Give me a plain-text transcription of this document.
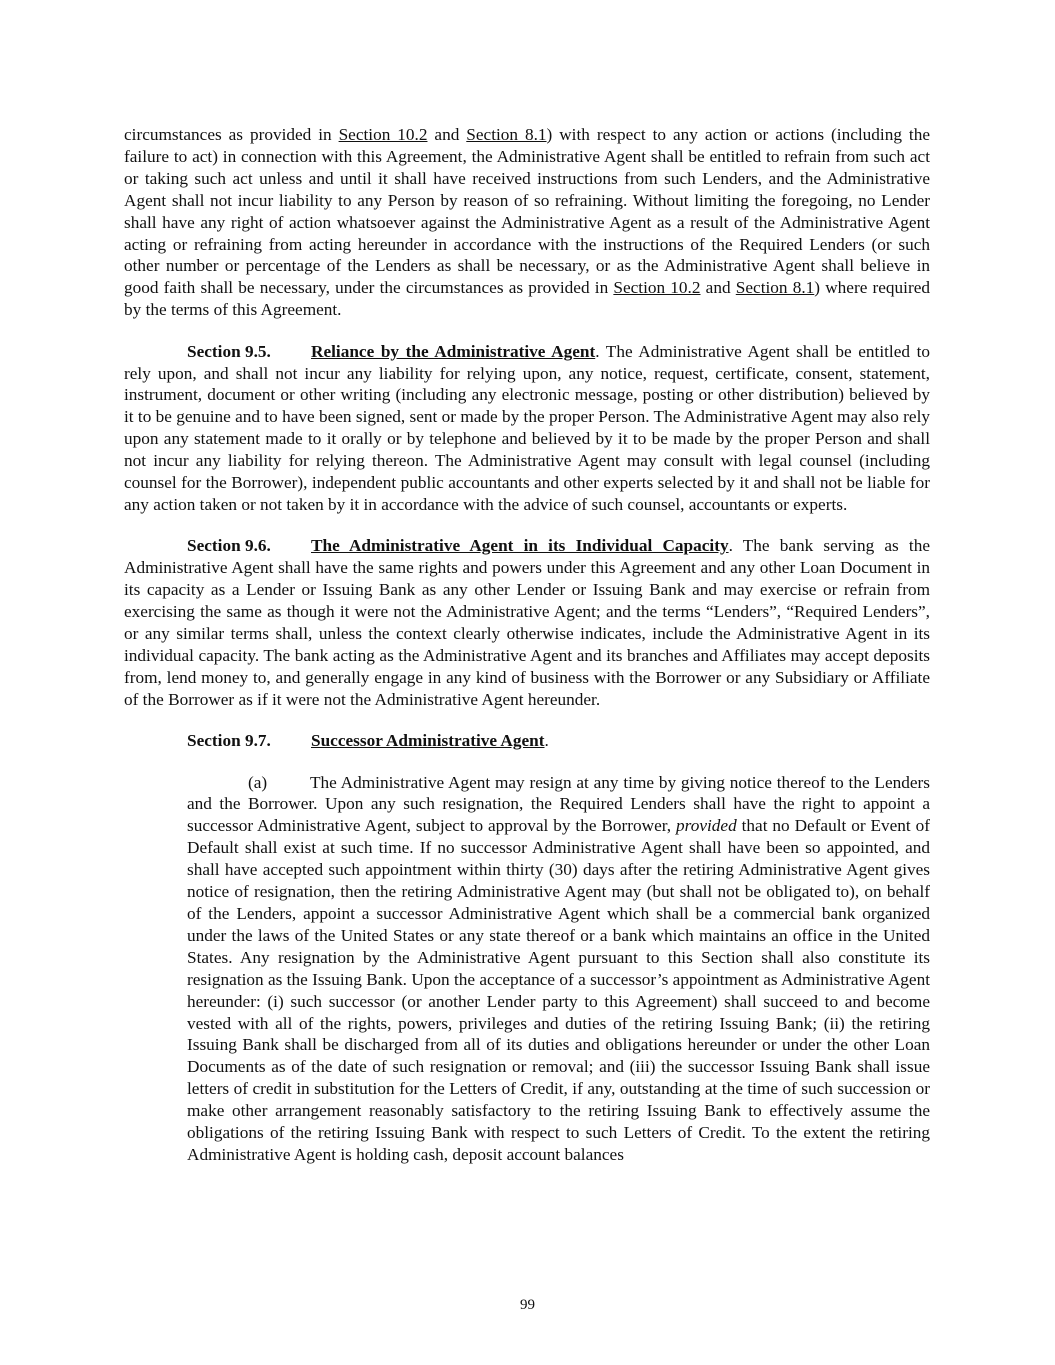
circumstances as provided in Section 10.2 and Section 8.1) with respect to any action or actions (including the failure to act) in connection with this Agreement, the Administrative Agent shall be entitled to refrain from such act or taking such act unless and until it shall have received instructions from such Lenders, and the Administrative Agent shall not incur liability to any Person by reason of so refraining. Without limiting the foregoing, no Lender shall have any right of action whatsoever against the Administrative Agent as a result of the Administrative Agent acting or refraining from acting hereunder in accordance with the instructions of the Required Lenders (or such other number or percentage of the Lenders as shall be necessary, or as the Administrative Agent shall believe in good faith shall be necessary, under the circumstances as provided in Section 10.2 and Section 8.1) where required by the terms of this Agreement.

Section 9.5. Reliance by the Administrative Agent. The Administrative Agent shall be entitled to rely upon, and shall not incur any liability for relying upon, any notice, request, certificate, consent, statement, instrument, document or other writing (including any electronic message, posting or other distribution) believed by it to be genuine and to have been signed, sent or made by the proper Person. The Administrative Agent may also rely upon any statement made to it orally or by telephone and believed by it to be made by the proper Person and shall not incur any liability for relying thereon. The Administrative Agent may consult with legal counsel (including counsel for the Borrower), independent public accountants and other experts selected by it and shall not be liable for any action taken or not taken by it in accordance with the advice of such counsel, accountants or experts.

Section 9.6. The Administrative Agent in its Individual Capacity. The bank serving as the Administrative Agent shall have the same rights and powers under this Agreement and any other Loan Document in its capacity as a Lender or Issuing Bank as any other Lender or Issuing Bank and may exercise or refrain from exercising the same as though it were not the Administrative Agent; and the terms “Lenders”, “Required Lenders”, or any similar terms shall, unless the context clearly otherwise indicates, include the Administrative Agent in its individual capacity. The bank acting as the Administrative Agent and its branches and Affiliates may accept deposits from, lend money to, and generally engage in any kind of business with the Borrower or any Subsidiary or Affiliate of the Borrower as if it were not the Administrative Agent hereunder.

Section 9.7. Successor Administrative Agent.

(a) The Administrative Agent may resign at any time by giving notice thereof to the Lenders and the Borrower. Upon any such resignation, the Required Lenders shall have the right to appoint a successor Administrative Agent, subject to approval by the Borrower, provided that no Default or Event of Default shall exist at such time. If no successor Administrative Agent shall have been so appointed, and shall have accepted such appointment within thirty (30) days after the retiring Administrative Agent gives notice of resignation, then the retiring Administrative Agent may (but shall not be obligated to), on behalf of the Lenders, appoint a successor Administrative Agent which shall be a commercial bank organized under the laws of the United States or any state thereof or a bank which maintains an office in the United States. Any resignation by the Administrative Agent pursuant to this Section shall also constitute its resignation as the Issuing Bank. Upon the acceptance of a successor’s appointment as Administrative Agent hereunder: (i) such successor (or another Lender party to this Agreement) shall succeed to and become vested with all of the rights, powers, privileges and duties of the retiring Issuing Bank; (ii) the retiring Issuing Bank shall be discharged from all of its duties and obligations hereunder or under the other Loan Documents as of the date of such resignation or removal; and (iii) the successor Issuing Bank shall issue letters of credit in substitution for the Letters of Credit, if any, outstanding at the time of such succession or make other arrangement reasonably satisfactory to the retiring Issuing Bank to effectively assume the obligations of the retiring Issuing Bank with respect to such Letters of Credit. To the extent the retiring Administrative Agent is holding cash, deposit account balances

99
